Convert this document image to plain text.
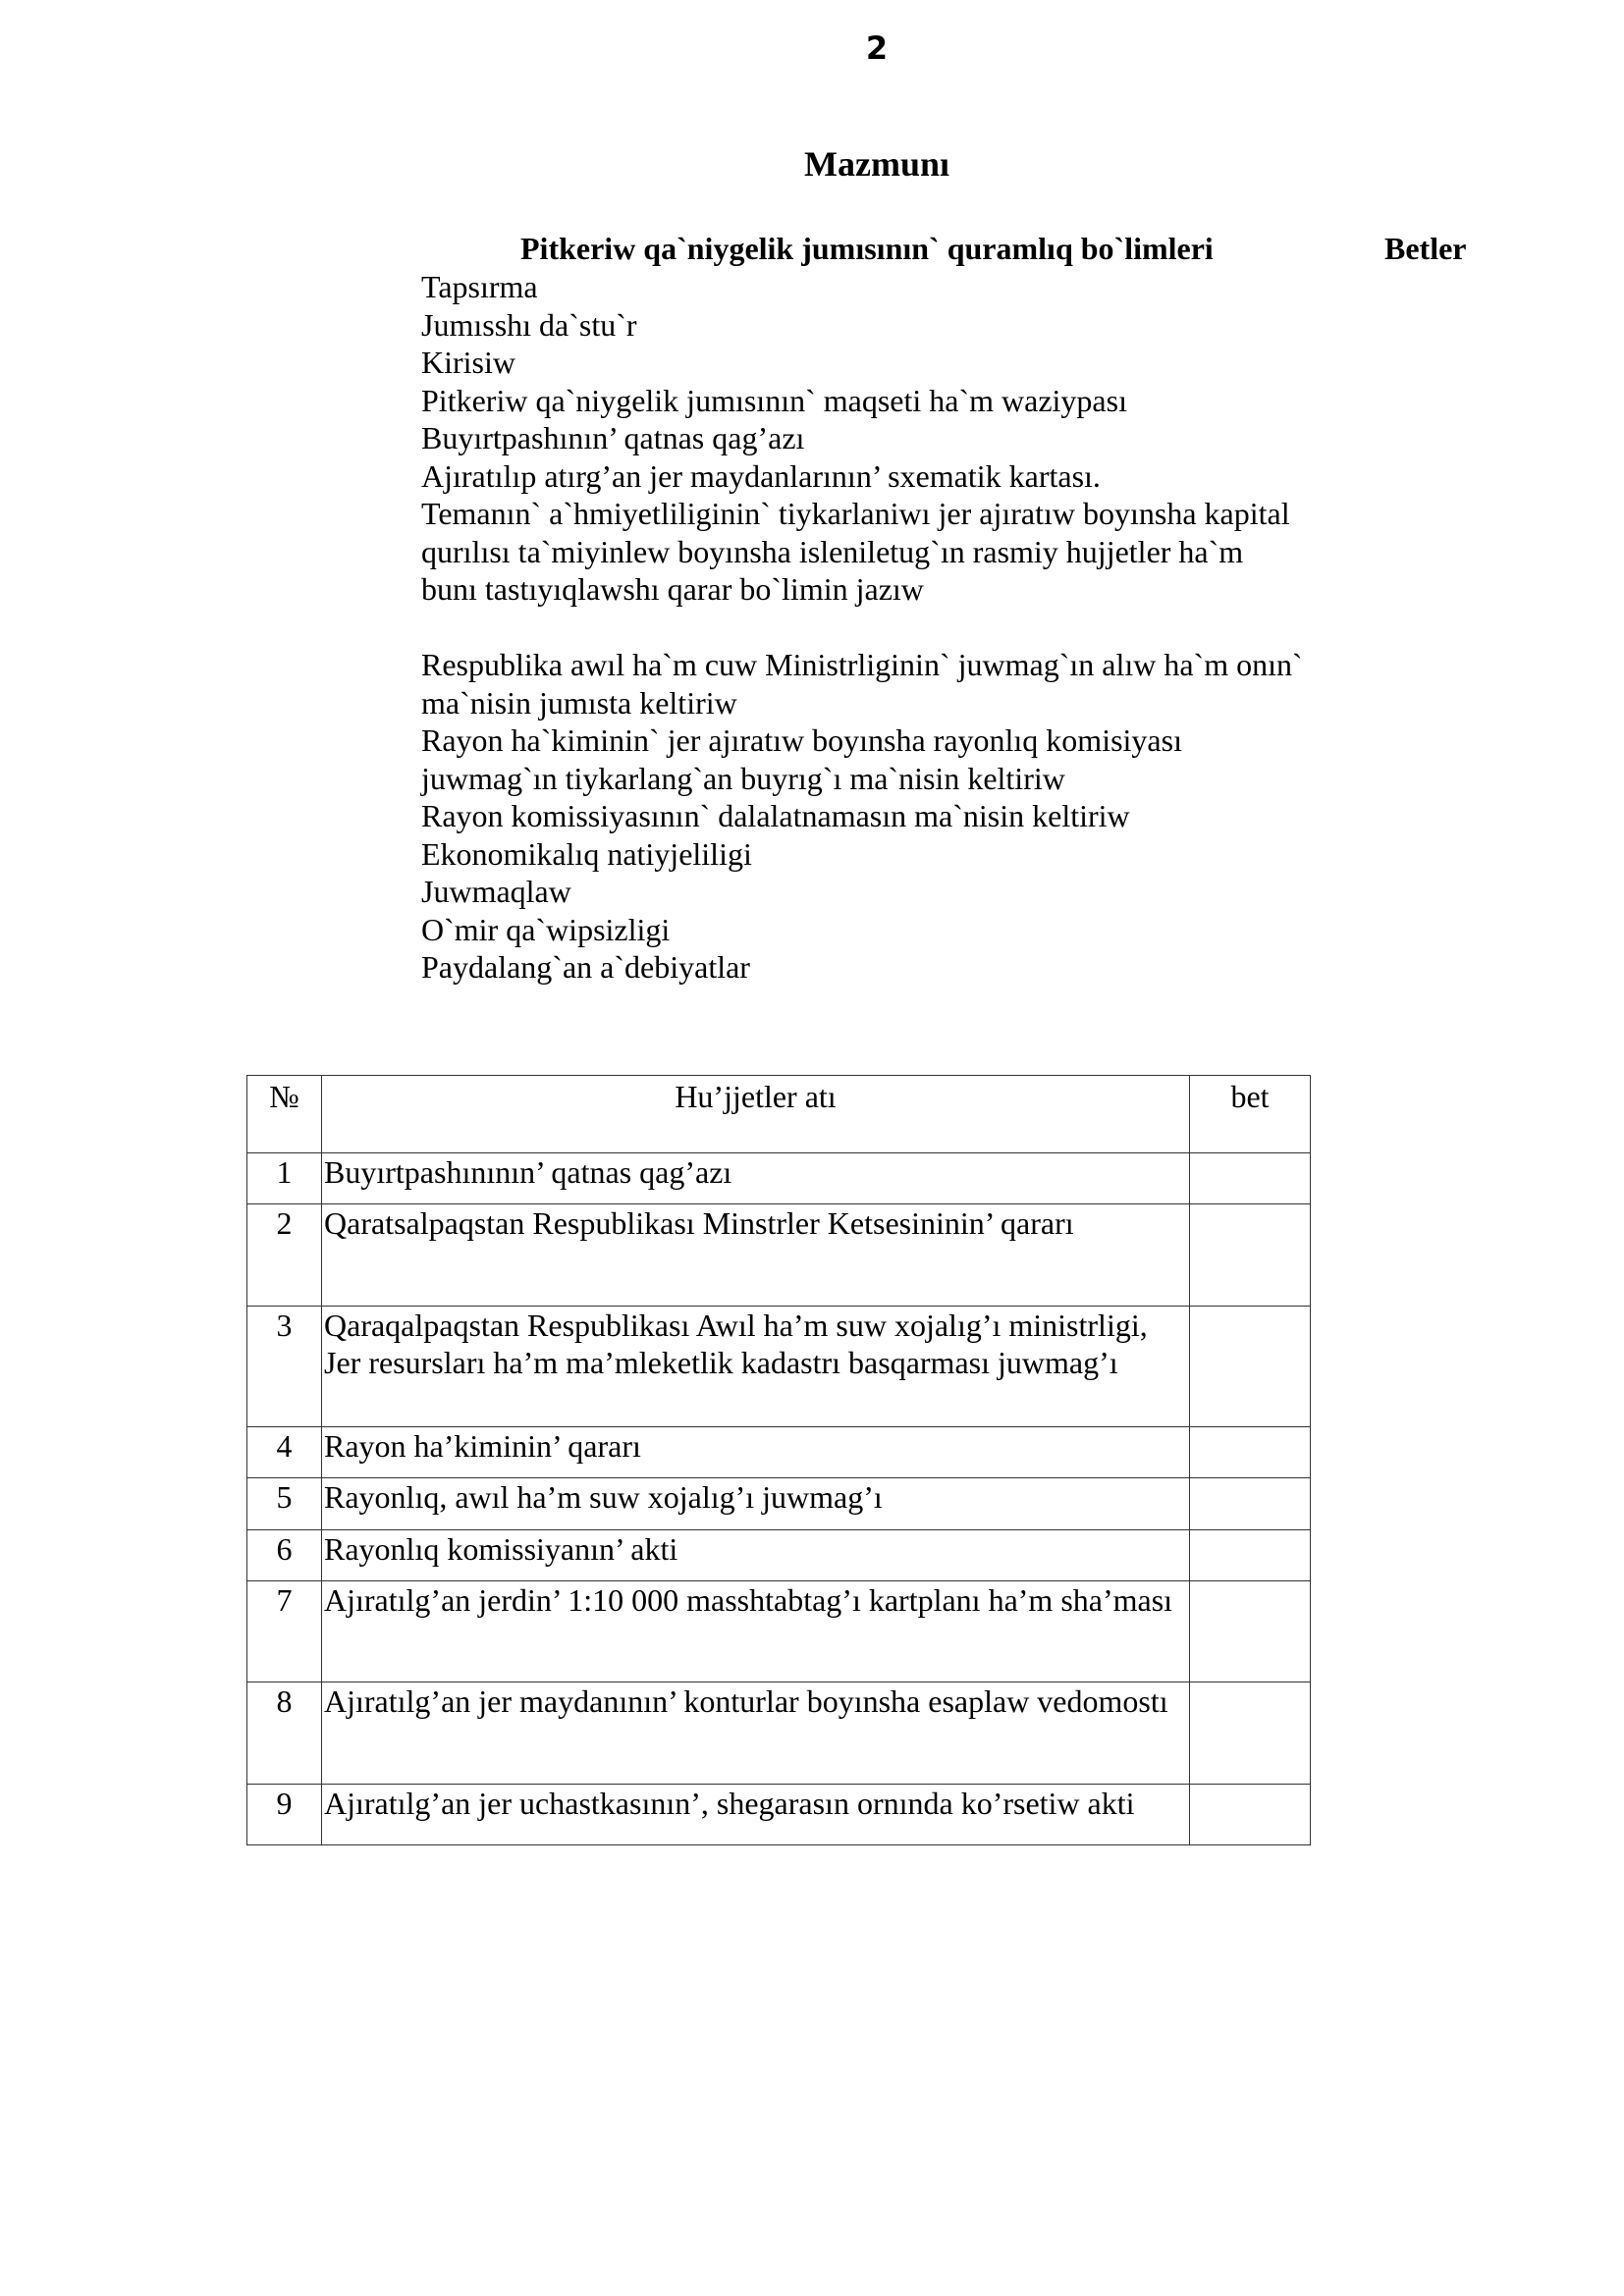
2
Mazmunı
Pitkeriw qa`niygelik jumısının` quramlıq bo`limleri	Betler
Tapsırma
Jumısshı da`stu`r
Kirisiw
Pitkeriw qa`niygelik jumısının` maqseti ha`m waziypası
Buyırtpashının’ qatnas qag’azı
Ajıratılıp atırg’an jer maydanlarının’ sxematik kartası.
Temanın` a`hmiyetliliginin` tiykarlaniwı jer ajıratıw boyınsha kapital
qurılısı ta`miyinlew boyınsha isleniletug`ın rasmiy hujjetler ha`m
bunı tastıyıqlawshı qarar bo`limin jazıw
Respublika awıl ha`m cuw Ministrliginin` juwmag`ın alıw ha`m onın`
ma`nisin jumısta keltiriw
Rayon ha`kiminin` jer ajıratıw boyınsha rayonlıq komisiyası
juwmag`ın tiykarlang`an buyrıg`ı ma`nisin keltiriw
Rayon komissiyasının` dalalatnamasın ma`nisin keltiriw
Ekonomikalıq natiyjeliligi
Juwmaqlaw
O`mir qa`wipsizligi
Paydalang`an a`debiyatlar
№	Hu’jjetler atı	bet
1	Buyırtpashınının’ qatnas qag’azı	
2	Qaratsalpaqstan Respublikası Minstrler Ketsesininin’ qararı	
3	Qaraqalpaqstan Respublikası Awıl ha’m suw xojalıg’ı ministrligi, Jer resursları ha’m ma’mleketlik kadastrı basqarması juwmag’ı	
4	Rayon ha’kiminin’ qararı	
5	Rayonlıq, awıl ha’m suw xojalıg’ı juwmag’ı	
6	Rayonlıq komissiyanın’ akti	
7	Ajıratılg’an jerdin’ 1:10 000 masshtabtag’ı kartplanı ha’m sha’ması	
8	Ajıratılg’an jer maydanının’ konturlar boyınsha esaplaw vedomostı	
9	Ajıratılg’an jer uchastkasının’, shegarasın ornında ko’rsetiw akti	
